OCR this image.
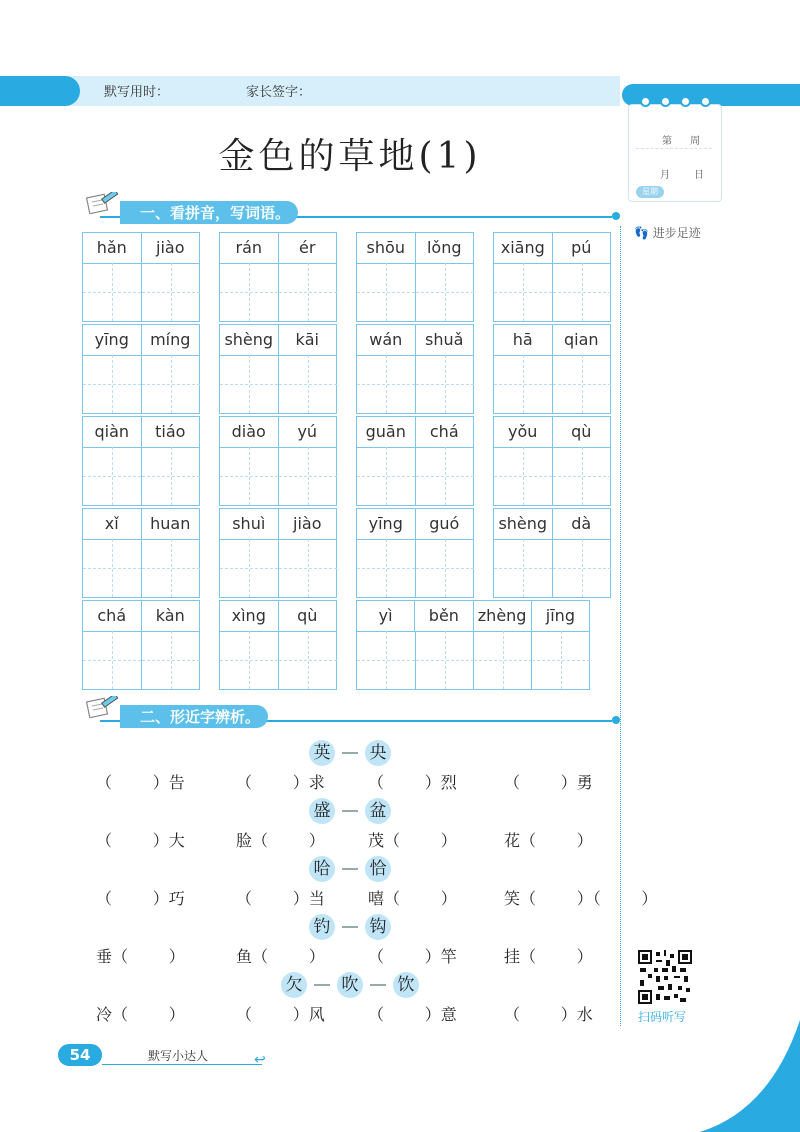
默写用时：	家长签字：
第 周
月 日
星期
👣 进步足迹
金色的草地(1)
一、看拼音，写词语。
hǎn	jiào	rán	ér	shōu	lǒng	xiāng	pú
yīng	míng	shèng	kāi	wán	shuǎ	hā	qian
qiàn	tiáo	diào	yú	guān	chá	yǒu	qù
xǐ	huan	shuì	jiào	yīng	guó	shèng	dà
chá	kàn	xìng	qù	yì	běn	zhèng	jīng
二、形近字辨析。
英 央
（        ）告	（        ）求	（        ）烈	（        ）勇
盛 盆
（        ）大	脸（        ）	茂（        ）	花（        ）
哈 恰
（        ）巧	（        ）当	嘻（        ）	笑（        ）（        ）
钓 钩
垂（        ）	鱼（        ）	（        ）竿	挂（        ）
欠 吹 饮
冷（        ）	（        ）风	（        ）意	（        ）水
54	默写小达人	↩
扫码听写
